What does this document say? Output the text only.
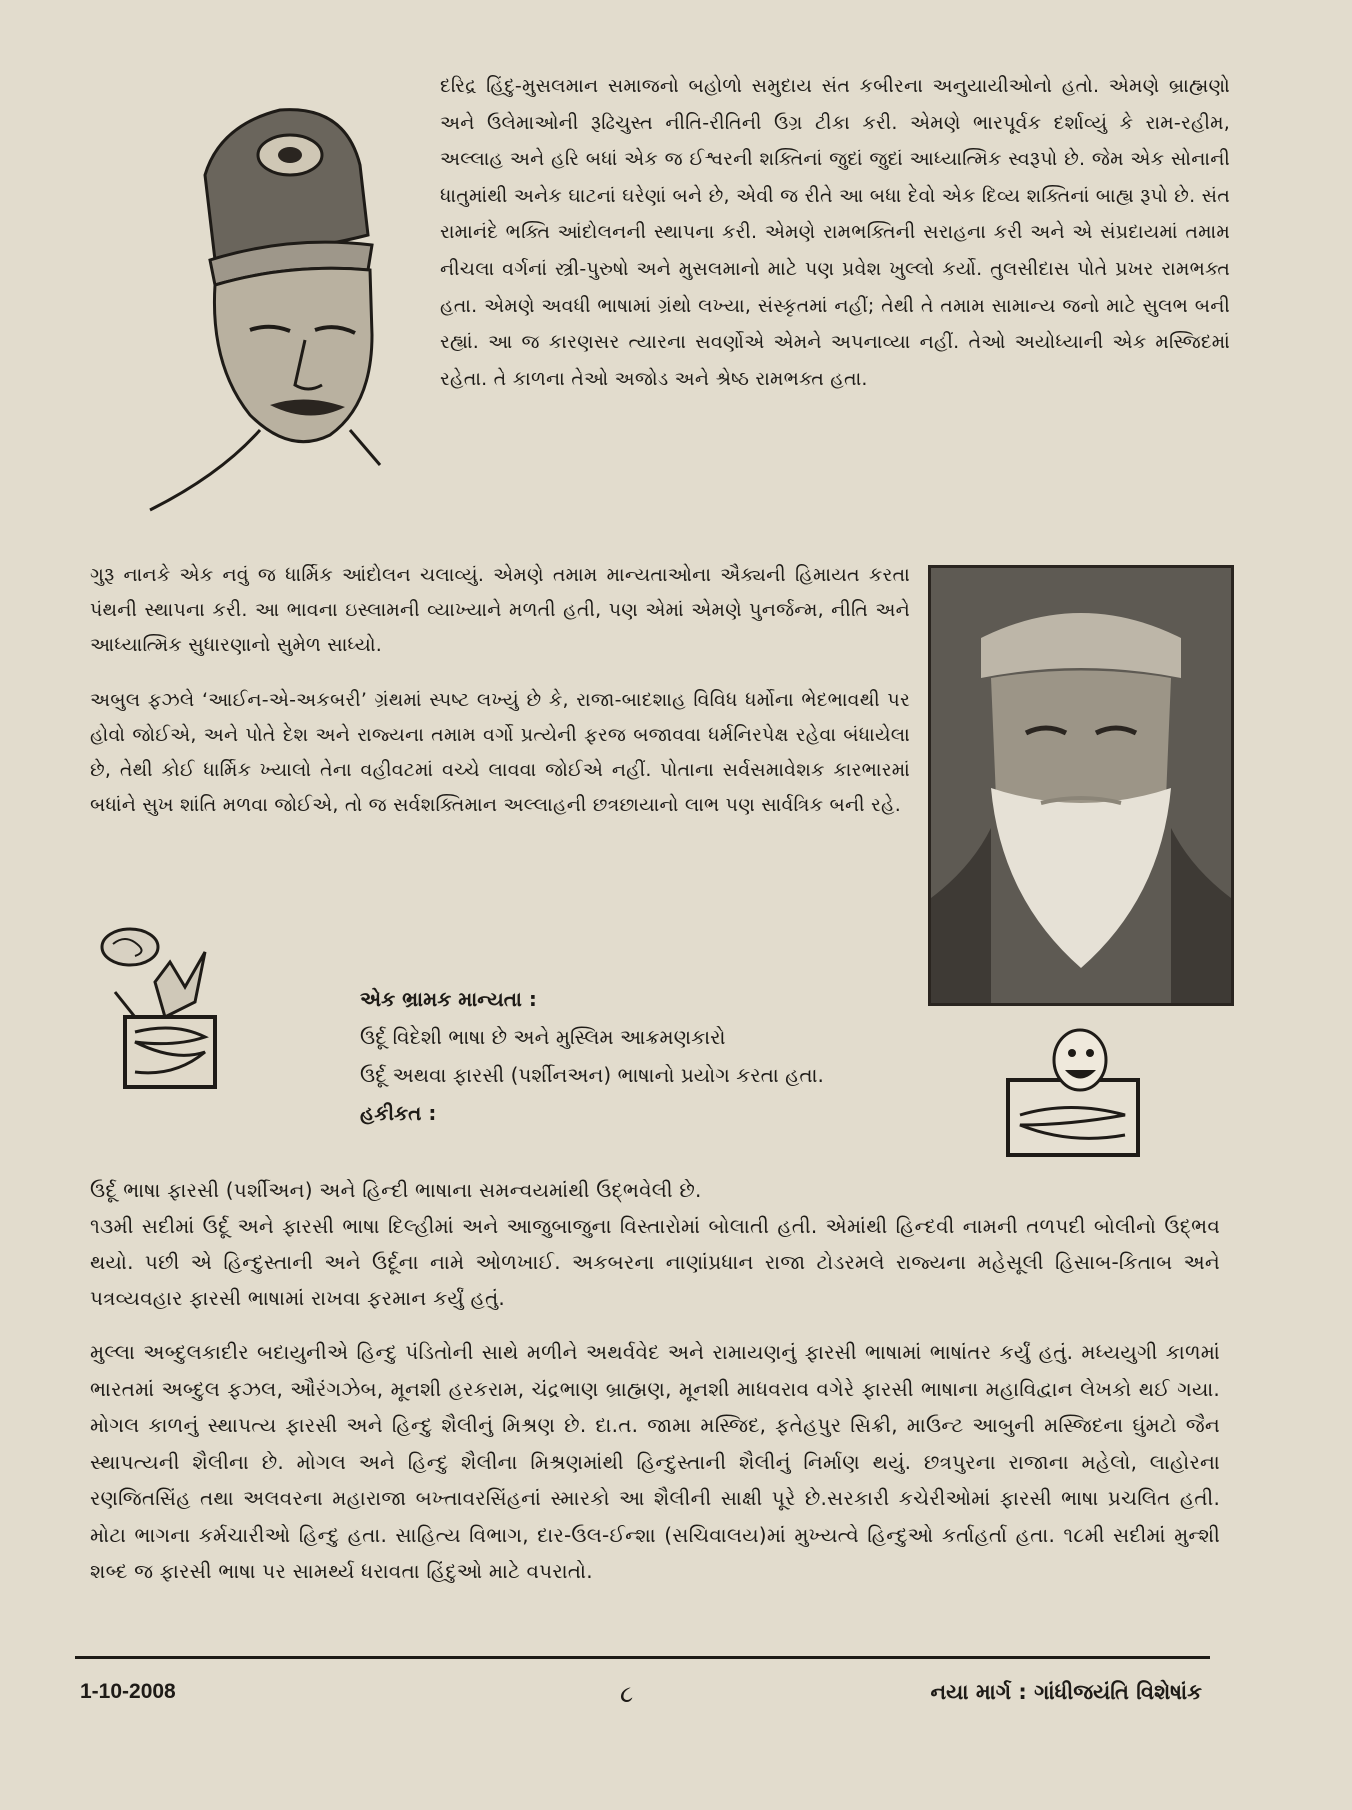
દરિદ્ર હિંદુ-મુસલમાન સમાજનો બહોળો સમુદાય સંત કબીરના અનુયાયીઓનો હતો. એમણે બ્રાહ્મણો અને ઉલેમાઓની રૂઢિચુસ્ત નીતિ-રીતિની ઉગ્ર ટીકા કરી. એમણે ભારપૂર્વક દર્શાવ્યું કે રામ-રહીમ, અલ્લાહ અને હરિ બધાં એક જ ઈશ્વરની શક્તિનાં જુદાં જુદાં આધ્યાત્મિક સ્વરૂપો છે. જેમ એક સોનાની ધાતુમાંથી અનેક ઘાટનાં ઘરેણાં બને છે, એવી જ રીતે આ બધા દેવો એક દિવ્ય શક્તિનાં બાહ્ય રૂપો છે. સંત રામાનંદે ભક્તિ આંદોલનની સ્થાપના કરી. એમણે રામભક્તિની સરાહના કરી અને એ સંપ્રદાયમાં તમામ નીચલા વર્ગનાં સ્ત્રી-પુરુષો અને મુસલમાનો માટે પણ પ્રવેશ ખુલ્લો કર્યો. તુલસીદાસ પોતે પ્રખર રામભક્ત હતા. એમણે અવધી ભાષામાં ગ્રંથો લખ્યા, સંસ્કૃતમાં નહીં; તેથી તે તમામ સામાન્ય જનો માટે સુલભ બની રહ્યાં. આ જ કારણસર ત્યારના સવર્ણોએ એમને અપનાવ્યા નહીં. તેઓ અયોધ્યાની એક મસ્જિદમાં રહેતા. તે કાળના તેઓ અજોડ અને શ્રેષ્ઠ રામભક્ત હતા.

ગુરૂ નાનકે એક નવું જ ધાર્મિક આંદોલન ચલાવ્યું. એમણે તમામ માન્યતાઓના ઐક્યની હિમાયત કરતા પંથની સ્થાપના કરી. આ ભાવના ઇસ્લામની વ્યાખ્યાને મળતી હતી, પણ એમાં એમણે પુનર્જન્મ, નીતિ અને આધ્યાત્મિક સુધારણાનો સુમેળ સાધ્યો.

અબુલ ફઝલે ‘આઈન-એ-અકબરી’ ગ્રંથમાં સ્પષ્ટ લખ્યું છે કે, રાજા-બાદશાહ વિવિધ ધર્મોના ભેદભાવથી પર હોવો જોઈએ, અને પોતે દેશ અને રાજ્યના તમામ વર્ગો પ્રત્યેની ફરજ બજાવવા ધર્મનિરપેક્ષ રહેવા બંધાયેલા છે, તેથી કોઈ ધાર્મિક ખ્યાલો તેના વહીવટમાં વચ્ચે લાવવા જોઈએ નહીં. પોતાના સર્વસમાવેશક કારભારમાં બધાંને સુખ શાંતિ મળવા જોઈએ, તો જ સર્વશક્તિમાન અલ્લાહની છત્રછાયાનો લાભ પણ સાર્વત્રિક બની રહે.

એક ભ્રામક માન્યતા :
ઉર્દૂ વિદેશી ભાષા છે અને મુસ્લિમ આક્રમણકારો
ઉર્દૂ અથવા ફારસી (પર્શીનઅન) ભાષાનો પ્રયોગ કરતા હતા.
હકીકત :

ઉર્દૂ ભાષા ફારસી (પર્શીઅન) અને હિન્દી ભાષાના સમન્વયમાંથી ઉદ્ભવેલી છે.

૧૩મી સદીમાં ઉર્દૂ અને ફારસી ભાષા દિલ્હીમાં અને આજુબાજુના વિસ્તારોમાં બોલાતી હતી. એમાંથી હિન્દવી નામની તળપદી બોલીનો ઉદ્ભવ થયો. પછી એ હિન્દુસ્તાની અને ઉર્દૂના નામે ઓળખાઈ. અકબરના નાણાંપ્રધાન રાજા ટોડરમલે રાજ્યના મહેસૂલી હિસાબ-કિતાબ અને પત્રવ્યવહાર ફારસી ભાષામાં રાખવા ફરમાન કર્યું હતું.

મુલ્લા અબ્દુલકાદીર બદાયુનીએ હિન્દુ પંડિતોની સાથે મળીને અથર્વવેદ અને રામાયણનું ફારસી ભાષામાં ભાષાંતર કર્યું હતું. મધ્યયુગી કાળમાં ભારતમાં અબ્દુલ ફઝલ, ઔરંગઝેબ, મૂનશી હરકરામ, ચંદ્રભાણ બ્રાહ્મણ, મૂનશી માધવરાવ વગેરે ફારસી ભાષાના મહાવિદ્વાન લેખકો થઈ ગયા. મોગલ કાળનું સ્થાપત્ય ફારસી અને હિન્દુ શૈલીનું મિશ્રણ છે. દા.ત. જામા મસ્જિદ, ફતેહપુર સિક્રી, માઉન્ટ આબુની મસ્જિદના ઘુંમટો જૈન સ્થાપત્યની શૈલીના છે. મોગલ અને હિન્દુ શૈલીના મિશ્રણમાંથી હિન્દુસ્તાની શૈલીનું નિર્માણ થયું. છત્રપુરના રાજાના મહેલો, લાહોરના રણજિતસિંહ તથા અલવરના મહારાજા બખ્તાવરસિંહનાં સ્મારકો આ શૈલીની સાક્ષી પૂરે છે.સરકારી કચેરીઓમાં ફારસી ભાષા પ્રચલિત હતી. મોટા ભાગના કર્મચારીઓ હિન્દુ હતા. સાહિત્ય વિભાગ, દાર-ઉલ-ઈન્શા (સચિવાલય)માં મુખ્યત્વે હિન્દુઓ કર્તાહર્તા હતા. ૧૮મી સદીમાં મુન્શી શબ્દ જ ફારસી ભાષા પર સામર્થ્ય ધરાવતા હિંદુઓ માટે વપરાતો.

1-10-2008	૮	નયા માર્ગ : ગાંધીજયંતિ વિશેષાંક
